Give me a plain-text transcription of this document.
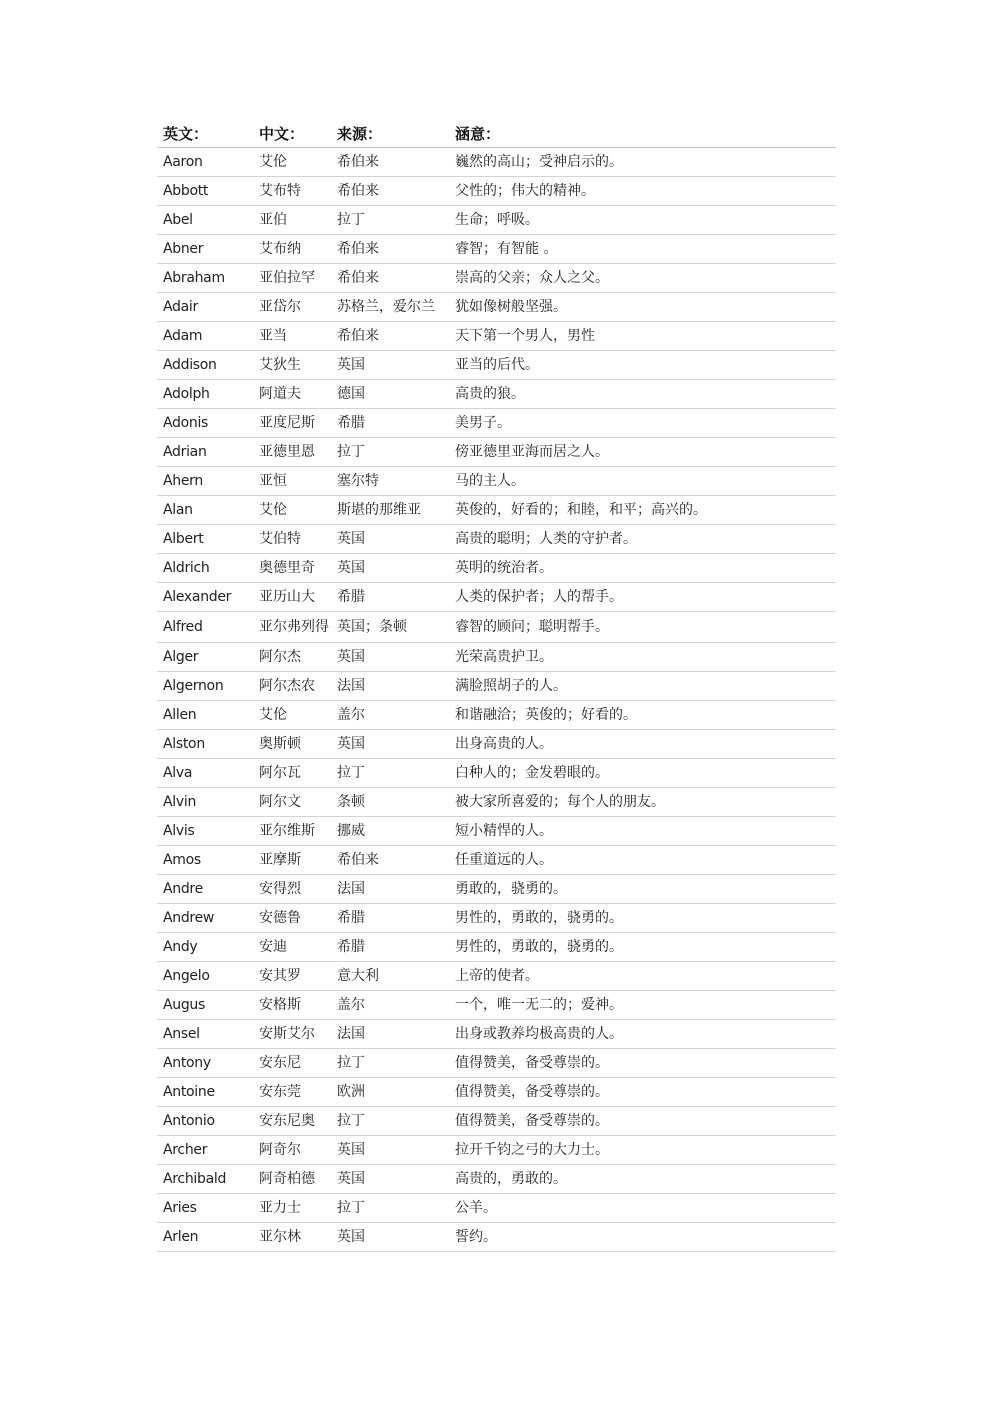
英文：	中文：	来源：	涵意：
Aaron	艾伦	希伯来	巍然的高山；受神启示的。
Abbott	艾布特	希伯来	父性的；伟大的精神。
Abel	亚伯	拉丁	生命；呼吸。
Abner	艾布纳	希伯来	睿智；有智能 。
Abraham	亚伯拉罕	希伯来	崇高的父亲；众人之父。
Adair	亚岱尔	苏格兰，爱尔兰	犹如像树般坚强。
Adam	亚当	希伯来	天下第一个男人，男性
Addison	艾狄生	英国	亚当的后代。
Adolph	阿道夫	德国	高贵的狼。
Adonis	亚度尼斯	希腊	美男子。
Adrian	亚德里恩	拉丁	傍亚德里亚海而居之人。
Ahern	亚恒	塞尔特	马的主人。
Alan	艾伦	斯堪的那维亚	英俊的，好看的；和睦，和平；高兴的。
Albert	艾伯特	英国	高贵的聪明；人类的守护者。
Aldrich	奥德里奇	英国	英明的统治者。
Alexander	亚历山大	希腊	人类的保护者；人的帮手。
Alfred	亚尔弗列得	英国；条顿	睿智的顾问；聪明帮手。
Alger	阿尔杰	英国	光荣高贵护卫。
Algernon	阿尔杰农	法国	满脸照胡子的人。
Allen	艾伦	盖尔	和谐融洽；英俊的；好看的。
Alston	奥斯顿	英国	出身高贵的人。
Alva	阿尔瓦	拉丁	白种人的；金发碧眼的。
Alvin	阿尔文	条顿	被大家所喜爱的；每个人的朋友。
Alvis	亚尔维斯	挪威	短小精悍的人。
Amos	亚摩斯	希伯来	任重道远的人。
Andre	安得烈	法国	勇敢的，骁勇的。
Andrew	安德鲁	希腊	男性的，勇敢的，骁勇的。
Andy	安迪	希腊	男性的，勇敢的，骁勇的。
Angelo	安其罗	意大利	上帝的使者。
Augus	安格斯	盖尔	一个，唯一无二的；爱神。
Ansel	安斯艾尔	法国	出身或教养均极高贵的人。
Antony	安东尼	拉丁	值得赞美，备受尊崇的。
Antoine	安东莞	欧洲	值得赞美，备受尊崇的。
Antonio	安东尼奥	拉丁	值得赞美，备受尊崇的。
Archer	阿奇尔	英国	拉开千钧之弓的大力士。
Archibald	阿奇柏德	英国	高贵的，勇敢的。
Aries	亚力士	拉丁	公羊。
Arlen	亚尔林	英国	誓约。
